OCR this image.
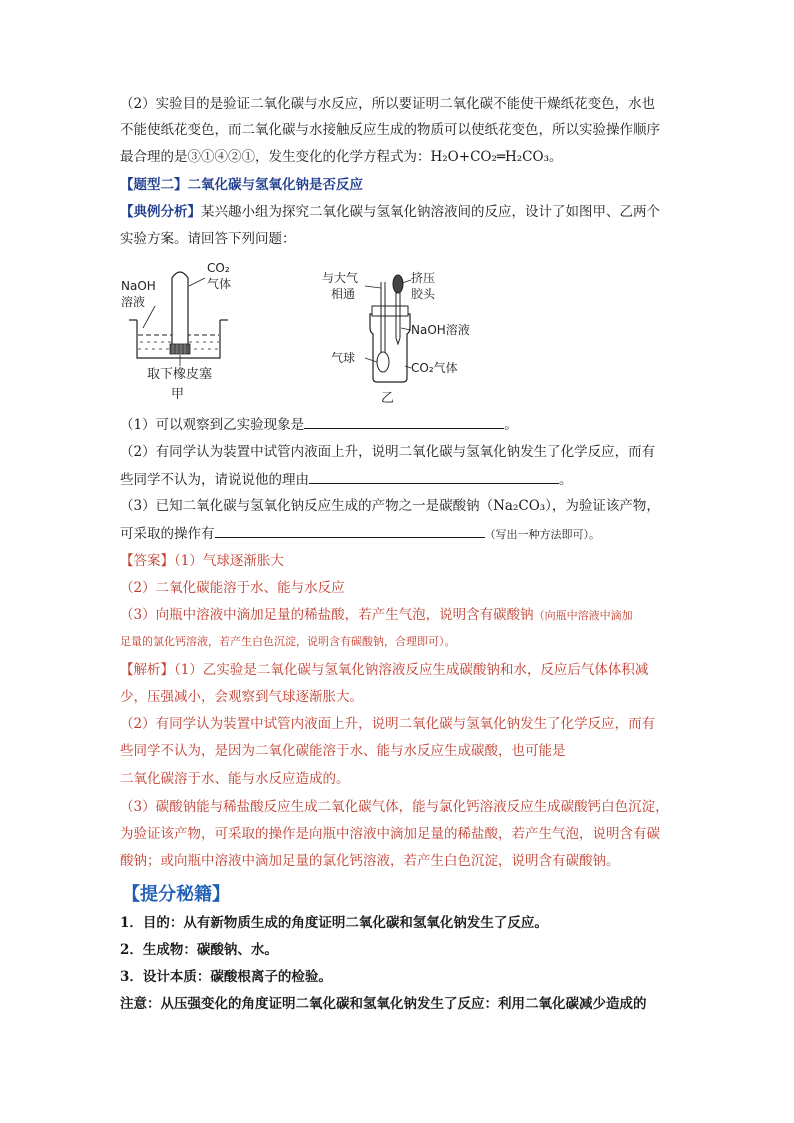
（2）实验目的是验证二氧化碳与水反应，所以要证明二氧化碳不能使干燥纸花变色，水也
不能使纸花变色，而二氧化碳与水接触反应生成的物质可以使纸花变色，所以实验操作顺序
最合理的是③①④②①，发生变化的化学方程式为：H₂O+CO₂═H₂CO₃。
【题型二】二氧化碳与氢氧化钠是否反应
【典例分析】某兴趣小组为探究二氧化碳与氢氧化钠溶液间的反应，设计了如图甲、乙两个
实验方案。请回答下列问题：
NaOH
溶液
CO₂
气体
取下橡皮塞
甲
与大气
相通
挤压
胶头
NaOH溶液
气球
CO₂气体
乙
（1）可以观察到乙实验现象是	。
（2）有同学认为装置中试管内液面上升，说明二氧化碳与氢氧化钠发生了化学反应，而有
些同学不认为，请说说他的理由	。
（3）已知二氧化碳与氢氧化钠反应生成的产物之一是碳酸钠（Na₂CO₃），为验证该产物，
可采取的操作有	（写出一种方法即可）。
【答案】（1）气球逐渐胀大
（2）二氧化碳能溶于水、能与水反应
（3）向瓶中溶液中滴加足量的稀盐酸，若产生气泡，说明含有碳酸钠（向瓶中溶液中滴加
足量的氯化钙溶液，若产生白色沉淀，说明含有碳酸钠，合理即可）。
【解析】（1）乙实验是二氧化碳与氢氧化钠溶液反应生成碳酸钠和水，反应后气体体积减
少，压强减小，会观察到气球逐渐胀大。
（2）有同学认为装置中试管内液面上升，说明二氧化碳与氢氧化钠发生了化学反应，而有
些同学不认为，是因为二氧化碳能溶于水、能与水反应生成碳酸，也可能是
二氧化碳溶于水、能与水反应造成的。
（3）碳酸钠能与稀盐酸反应生成二氧化碳气体，能与氯化钙溶液反应生成碳酸钙白色沉淀，
为验证该产物，可采取的操作是向瓶中溶液中滴加足量的稀盐酸，若产生气泡，说明含有碳
酸钠；或向瓶中溶液中滴加足量的氯化钙溶液，若产生白色沉淀，说明含有碳酸钠。
【提分秘籍】
1．目的：从有新物质生成的角度证明二氧化碳和氢氧化钠发生了反应。
2．生成物：碳酸钠、水。
3．设计本质：碳酸根离子的检验。
注意：从压强变化的角度证明二氧化碳和氢氧化钠发生了反应：利用二氧化碳减少造成的
